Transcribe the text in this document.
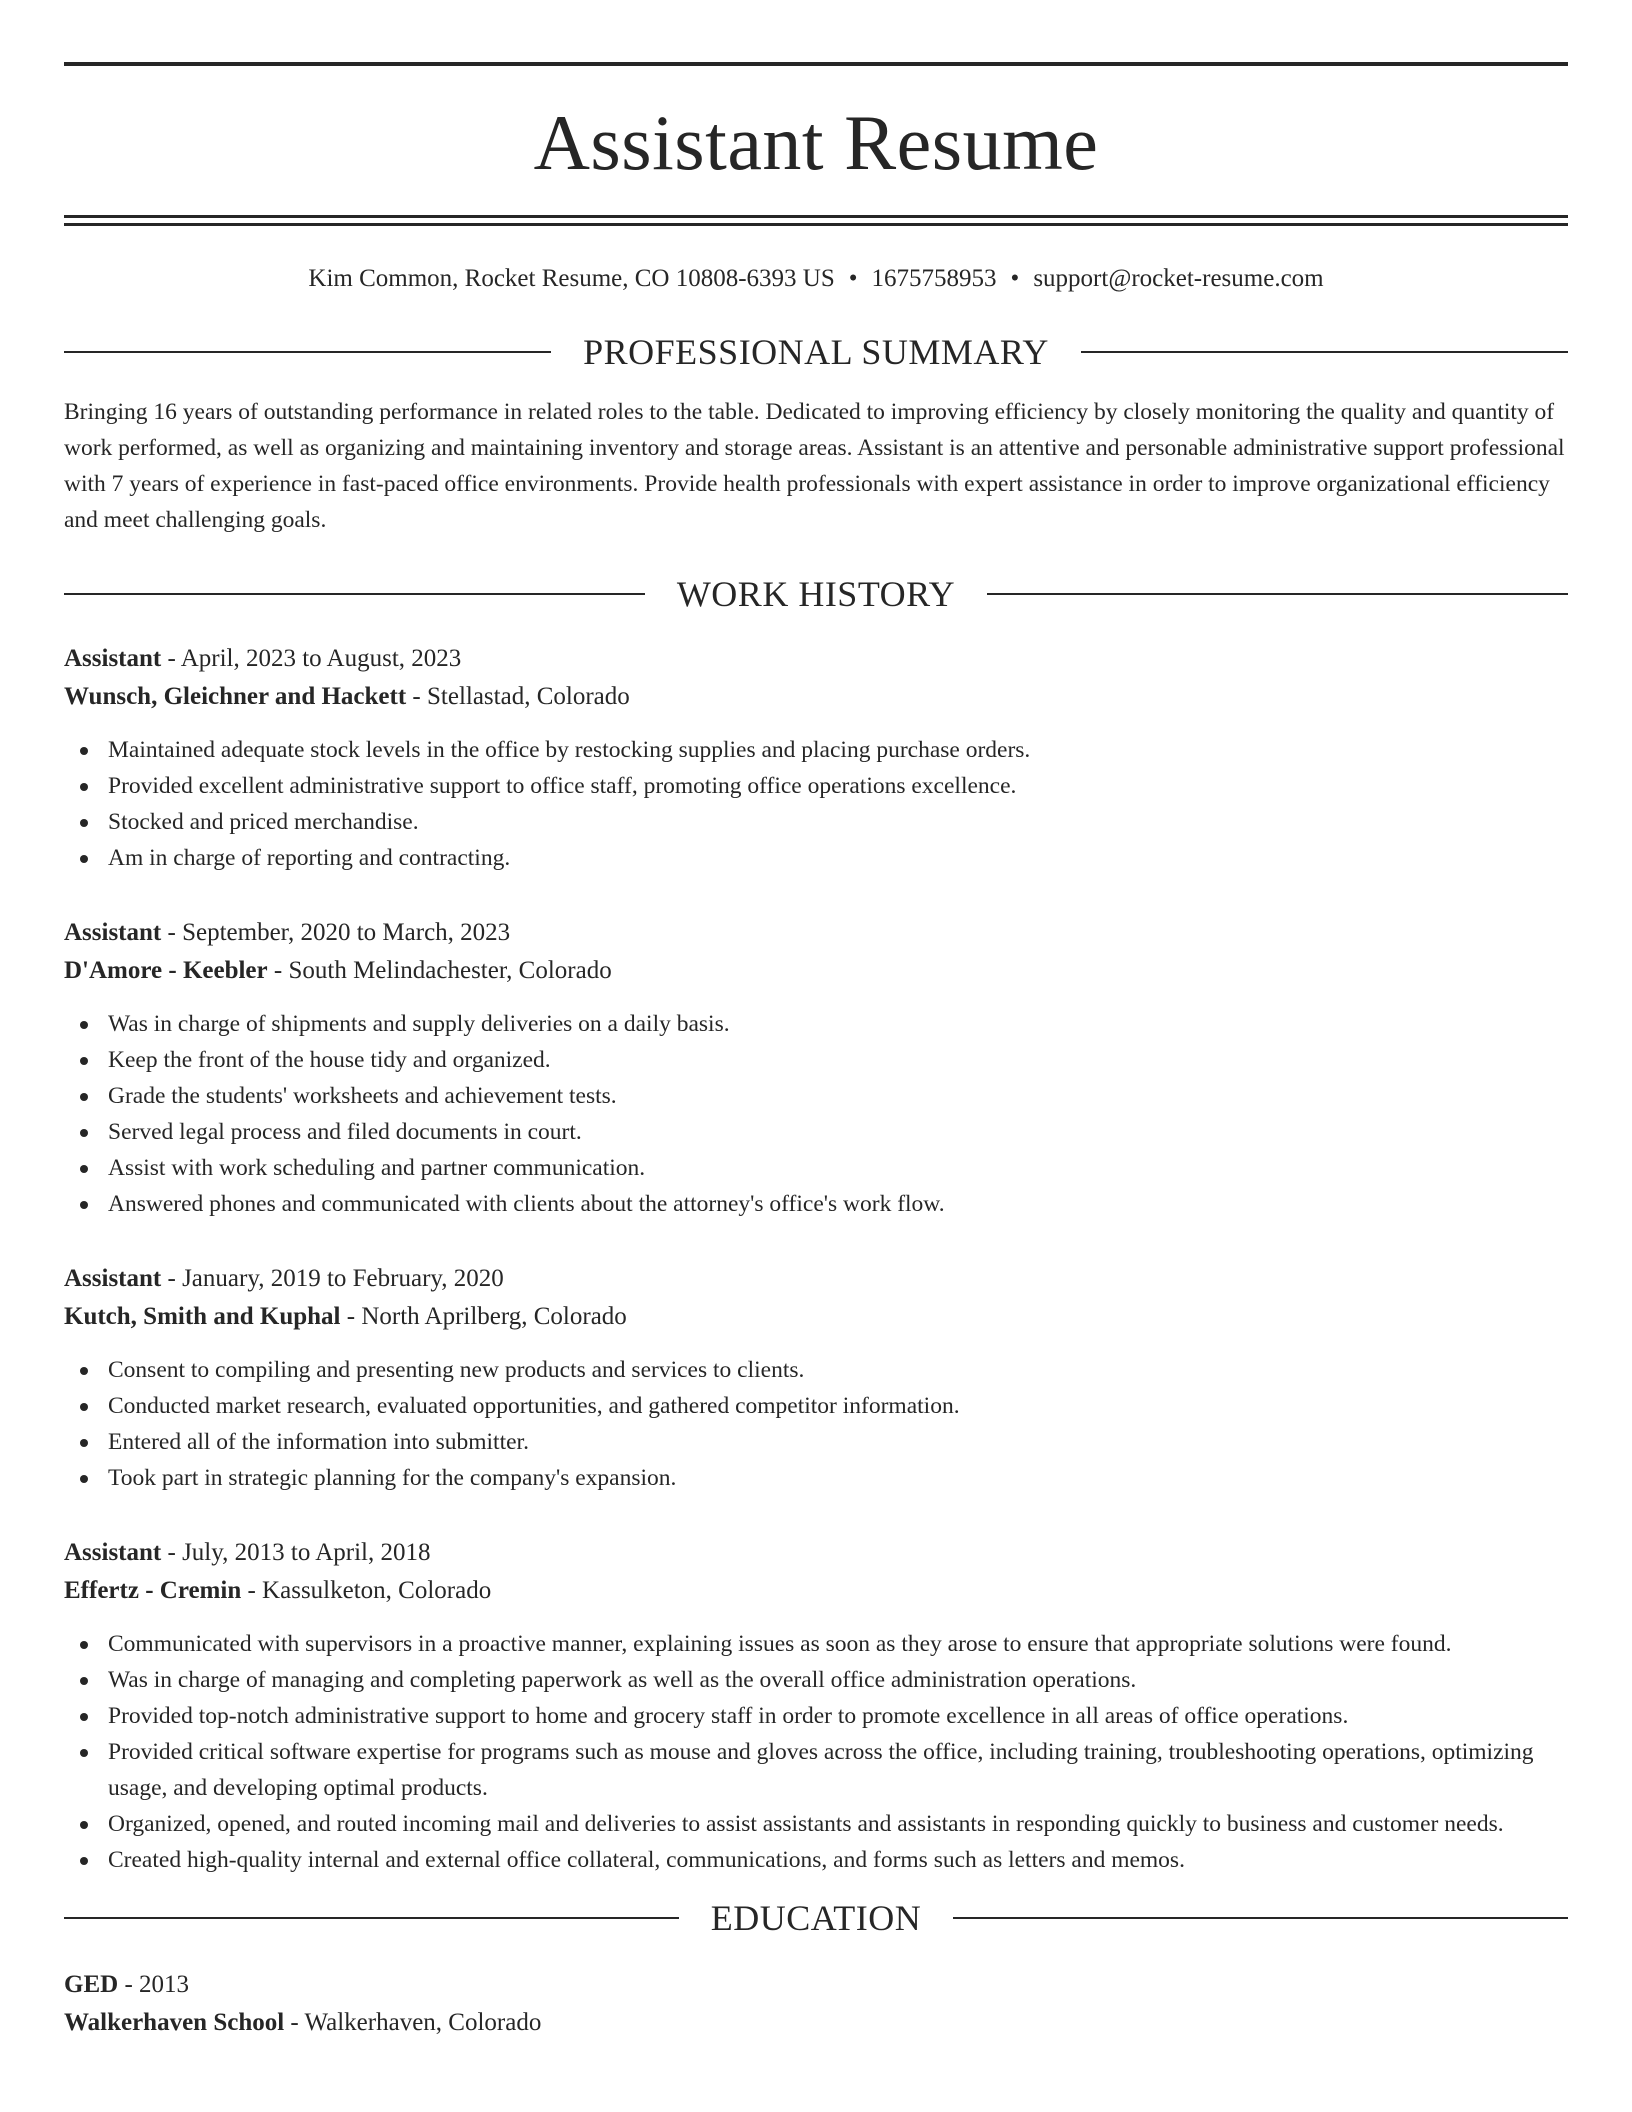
Assistant Resume
Kim Common, Rocket Resume, CO 10808-6393 US • 1675758953 • support@rocket-resume.com
PROFESSIONAL SUMMARY
Bringing 16 years of outstanding performance in related roles to the table. Dedicated to improving efficiency by closely monitoring the quality and quantity of work performed, as well as organizing and maintaining inventory and storage areas. Assistant is an attentive and personable administrative support professional with 7 years of experience in fast-paced office environments. Provide health professionals with expert assistance in order to improve organizational efficiency and meet challenging goals.
WORK HISTORY
Assistant - April, 2023 to August, 2023
Wunsch, Gleichner and Hackett - Stellastad, Colorado
Maintained adequate stock levels in the office by restocking supplies and placing purchase orders.
Provided excellent administrative support to office staff, promoting office operations excellence.
Stocked and priced merchandise.
Am in charge of reporting and contracting.
Assistant - September, 2020 to March, 2023
D'Amore - Keebler - South Melindachester, Colorado
Was in charge of shipments and supply deliveries on a daily basis.
Keep the front of the house tidy and organized.
Grade the students' worksheets and achievement tests.
Served legal process and filed documents in court.
Assist with work scheduling and partner communication.
Answered phones and communicated with clients about the attorney's office's work flow.
Assistant - January, 2019 to February, 2020
Kutch, Smith and Kuphal - North Aprilberg, Colorado
Consent to compiling and presenting new products and services to clients.
Conducted market research, evaluated opportunities, and gathered competitor information.
Entered all of the information into submitter.
Took part in strategic planning for the company's expansion.
Assistant - July, 2013 to April, 2018
Effertz - Cremin - Kassulketon, Colorado
Communicated with supervisors in a proactive manner, explaining issues as soon as they arose to ensure that appropriate solutions were found.
Was in charge of managing and completing paperwork as well as the overall office administration operations.
Provided top-notch administrative support to home and grocery staff in order to promote excellence in all areas of office operations.
Provided critical software expertise for programs such as mouse and gloves across the office, including training, troubleshooting operations, optimizing usage, and developing optimal products.
Organized, opened, and routed incoming mail and deliveries to assist assistants and assistants in responding quickly to business and customer needs.
Created high-quality internal and external office collateral, communications, and forms such as letters and memos.
EDUCATION
GED - 2013
Walkerhaven School - Walkerhaven, Colorado
